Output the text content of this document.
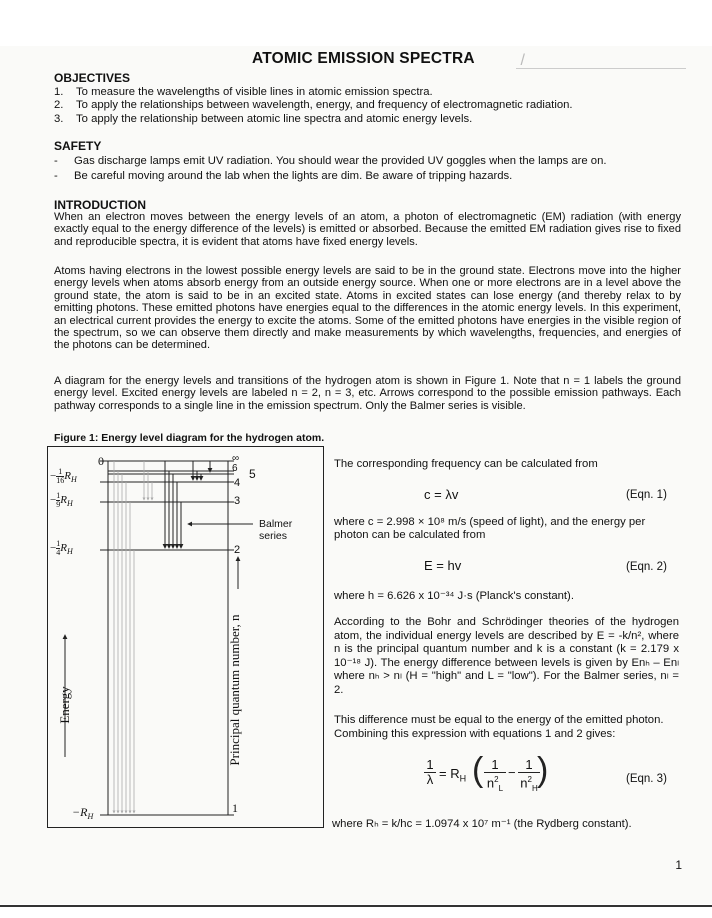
ATOMIC EMISSION SPECTRA	/
OBJECTIVES
1. To measure the wavelengths of visible lines in atomic emission spectra.
2. To apply the relationships between wavelength, energy, and frequency of electromagnetic radiation.
3. To apply the relationship between atomic line spectra and atomic energy levels.
SAFETY
- Gas discharge lamps emit UV radiation. You should wear the provided UV goggles when the lamps are on.
- Be careful moving around the lab when the lights are dim. Be aware of tripping hazards.
INTRODUCTION
When an electron moves between the energy levels of an atom, a photon of electromagnetic (EM) radiation (with energy exactly equal to the energy difference of the levels) is emitted or absorbed. Because the emitted EM radiation gives rise to fixed and reproducible spectra, it is evident that atoms have fixed energy levels.
Atoms having electrons in the lowest possible energy levels are said to be in the ground state. Electrons move into the higher energy levels when atoms absorb energy from an outside energy source. When one or more electrons are in a level above the ground state, the atom is said to be in an excited state. Atoms in excited states can lose energy (and thereby relax to by emitting photons. These emitted photons have energies equal to the differences in the atomic energy levels. In this experiment, an electrical current provides the energy to excite the atoms. Some of the emitted photons have energies in the visible region of the spectrum, so we can observe them directly and make measurements by which wavelengths, frequencies, and energies of the photons can be determined.
A diagram for the energy levels and transitions of the hydrogen atom is shown in Figure 1. Note that n = 1 labels the ground energy level. Excited energy levels are labeled n = 2, n = 3, etc. Arrows correspond to the possible emission pathways. Each pathway corresponds to a single line in the emission spectrum. Only the Balmer series is visible.
Figure 1: Energy level diagram for the hydrogen atom.
0
− $\frac{1}{16} R_H$
− $\frac{1}{9} R_H$
− $\frac{1}{4} R_H$
$-R_H$
∞
6 5
4
3
2
1
Balmer
series
Energy	Principal quantum number, n
The corresponding frequency can be calculated from
c = λv	(Eqn. 1)
where c = 2.998 × 10⁸ m/s (speed of light), and the energy per
photon can be calculated from
E = hv	(Eqn. 2)
where h = 6.626 x 10⁻³⁴ J·s (Planck's constant).
According to the Bohr and Schrödinger theories of the hydrogen atom, the individual energy levels are described by E = -k/n², where n is the principal quantum number and k is a constant (k = 2.179 x 10⁻¹⁸ J). The energy difference between levels is given by Enₕ – Enₗ where nₕ > nₗ (H = "high" and L = "low"). For the Balmer series, nₗ = 2.
This difference must be equal to the energy of the emitted photon. Combining this expression with equations 1 and 2 gives:
1
$\lambda = R_H$ ( 1
$n^2_L$
−
1
$n^2_H$ )	(Eqn. 3)
where Rₕ = k/hc = 1.0974 x 10⁷ m⁻¹ (the Rydberg constant).
1
